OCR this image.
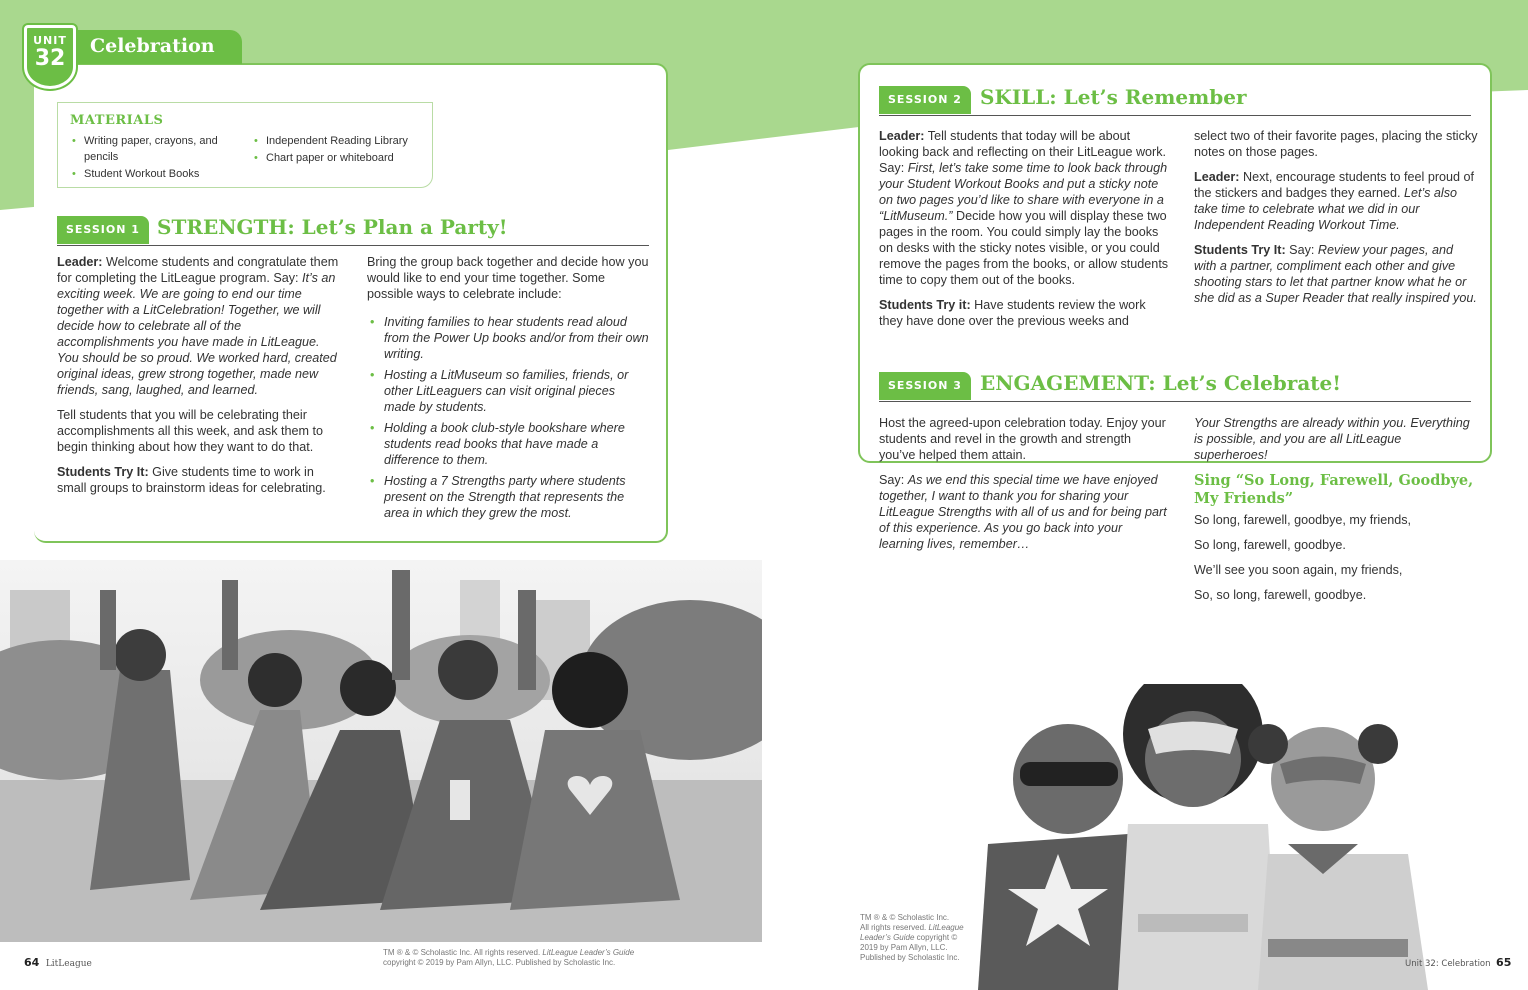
Celebration
UNIT
32
MATERIALS
• Writing paper, crayons, and pencils
• Student Workout Books
• Independent Reading Library
• Chart paper or whiteboard
SESSION 1 STRENGTH: Let’s Plan a Party!

Leader: Welcome students and congratulate them for completing the LitLeague program. Say: It’s an exciting week. We are going to end our time together with a LitCelebration! Together, we will decide how to celebrate all of the accomplishments you have made in LitLeague. You should be so proud. We worked hard, created original ideas, grew strong together, made new friends, sang, laughed, and learned.

Tell students that you will be celebrating their accomplishments all this week, and ask them to begin thinking about how they want to do that.

Students Try It: Give students time to work in small groups to brainstorm ideas for celebrating.

Bring the group back together and decide how you would like to end your time together. Some possible ways to celebrate include:

• Inviting families to hear students read aloud from the Power Up books and/or from their own writing.
• Hosting a LitMuseum so families, friends, or other LitLeaguers can visit original pieces made by students.
• Holding a book club-style bookshare where students read books that have made a difference to them.
• Hosting a 7 Strengths party where students present on the Strength that represents the area in which they grew the most.
SESSION 2 SKILL: Let’s Remember

Leader: Tell students that today will be about looking back and reflecting on their LitLeague work. Say: First, let’s take some time to look back through your Student Workout Books and put a sticky note on two pages you’d like to share with everyone in a “LitMuseum.” Decide how you will display these two pages in the room. You could simply lay the books on desks with the sticky notes visible, or you could remove the pages from the books, or allow students time to copy them out of the books.

Students Try it: Have students review the work they have done over the previous weeks and

select two of their favorite pages, placing the sticky notes on those pages.

Leader: Next, encourage students to feel proud of the stickers and badges they earned. Let’s also take time to celebrate what we did in our Independent Reading Workout Time.

Students Try It: Say: Review your pages, and with a partner, compliment each other and give shooting stars to let that partner know what he or she did as a Super Reader that really inspired you.

SESSION 3 ENGAGEMENT: Let’s Celebrate!

Host the agreed-upon celebration today. Enjoy your students and revel in the growth and strength you’ve helped them attain.

Say: As we end this special time we have enjoyed together, I want to thank you for sharing your LitLeague Strengths with all of us and for being part of this experience. As you go back into your learning lives, remember…

Your Strengths are already within you. Everything is possible, and you are all LitLeague superheroes!

Sing “So Long, Farewell, Goodbye, My Friends”
So long, farewell, goodbye, my friends,
So long, farewell, goodbye.
We’ll see you soon again, my friends,
So, so long, farewell, goodbye.
64 LitLeague
TM ® & © Scholastic Inc. All rights reserved. LitLeague Leader’s Guide
copyright © 2019 by Pam Allyn, LLC. Published by Scholastic Inc.
TM ® & © Scholastic Inc.
All rights reserved. LitLeague
Leader’s Guide copyright ©
2019 by Pam Allyn, LLC.
Published by Scholastic Inc.
Unit 32: Celebration 65
